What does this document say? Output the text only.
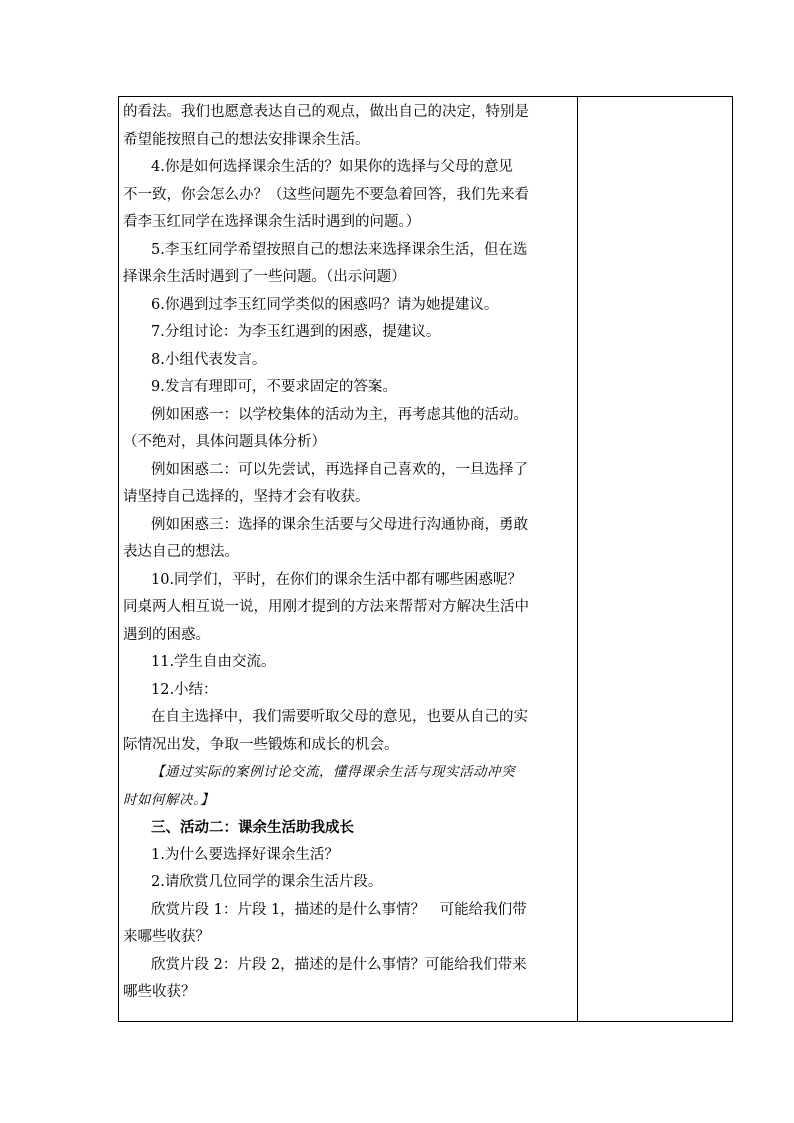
的看法。我们也愿意表达自己的观点，做出自己的决定，特别是
希望能按照自己的想法安排课余生活。
4.你是如何选择课余生活的？如果你的选择与父母的意见
不一致，你会怎么办？（这些问题先不要急着回答，我们先来看
看李玉红同学在选择课余生活时遇到的问题。）
5.李玉红同学希望按照自己的想法来选择课余生活，但在选
择课余生活时遇到了一些问题。（出示问题）
6.你遇到过李玉红同学类似的困惑吗？请为她提建议。
7.分组讨论：为李玉红遇到的困惑，提建议。
8.小组代表发言。
9.发言有理即可，不要求固定的答案。
例如困惑一：以学校集体的活动为主，再考虑其他的活动。
（不绝对，具体问题具体分析）
例如困惑二：可以先尝试，再选择自己喜欢的，一旦选择了
请坚持自己选择的，坚持才会有收获。
例如困惑三：选择的课余生活要与父母进行沟通协商，勇敢
表达自己的想法。
10.同学们，平时，在你们的课余生活中都有哪些困惑呢？
同桌两人相互说一说，用刚才提到的方法来帮帮对方解决生活中
遇到的困惑。
11.学生自由交流。
12.小结：
在自主选择中，我们需要听取父母的意见，也要从自己的实
际情况出发，争取一些锻炼和成长的机会。
【通过实际的案例讨论交流，懂得课余生活与现实活动冲突
时如何解决。】
三、活动二：课余生活助我成长
1.为什么要选择好课余生活？
2.请欣赏几位同学的课余生活片段。
欣赏片段 1：片段 1，描述的是什么事情？　可能给我们带
来哪些收获？
欣赏片段 2：片段 2，描述的是什么事情？可能给我们带来
哪些收获？
